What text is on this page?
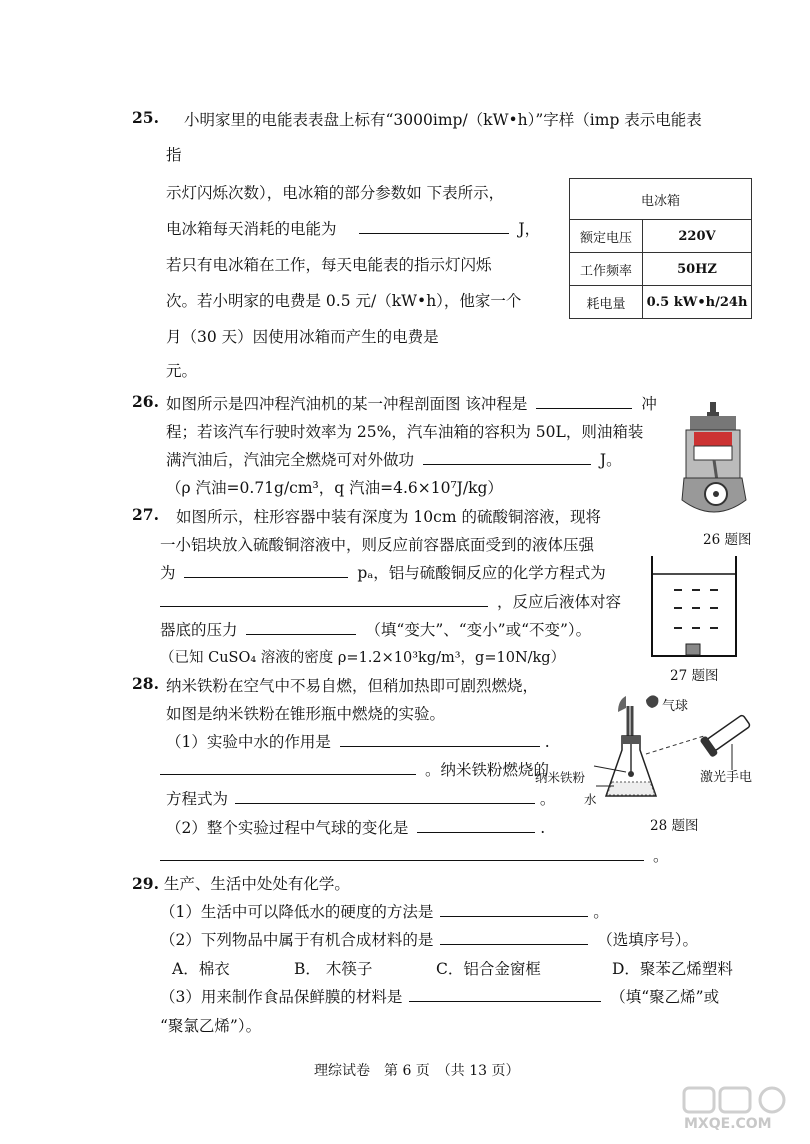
25. 小明家里的电能表表盘上标有“3000imp/（kW•h）”字样（imp 表示电能表
指
示灯闪烁次数），电冰箱的部分参数如 下表所示，
电冰箱每天消耗的电能为	J，
若只有电冰箱在工作，每天电能表的指示灯闪烁
次。若小明家的电费是 0.5 元/（kW•h），他家一个
月（30 天）因使用冰箱而产生的电费是
元。
电冰箱	
额定电压	220V
工作频率	50HZ
耗电量	0.5 kW•h/24h
26. 如图所示是四冲程汽油机的某一冲程剖面图 该冲程是	冲
程；若该汽车行驶时效率为 25%，汽车油箱的容积为 50L，则油箱装
满汽油后，汽油完全燃烧可对外做功	J。
（ρ 汽油=0.71g/cm³，q 汽油=4.6×10⁷J/kg）
26 题图
27. 如图所示，柱形容器中装有深度为 10cm 的硫酸铜溶液，现将
一小铝块放入硫酸铜溶液中，则反应前容器底面受到的液体压强
为	pₐ，铝与硫酸铜反应的化学方程式为
，反应后液体对容
器底的压力	（填“变大”、“变小”或“不变”）。
（已知 CuSO₄ 溶液的密度 ρ=1.2×10³kg/m³，g=10N/kg）
27 题图
28. 纳米铁粉在空气中不易自燃，但稍加热即可剧烈燃烧，
如图是纳米铁粉在锥形瓶中燃烧的实验。
（1）实验中水的作用是	.
。纳米铁粉燃烧的
方程式为	。
（2）整个实验过程中气球的变化是	.
。
气球
纳米铁粉
水
激光手电
28 题图
29. 生产、生活中处处有化学。
（1）生活中可以降低水的硬度的方法是	。
（2）下列物品中属于有机合成材料的是	（选填序号）。
A．棉衣	B． 木筷子	C．铝合金窗框	D．聚苯乙烯塑料
（3）用来制作食品保鲜膜的材料是	（填“聚乙烯”或
“聚氯乙烯”）。
理综试卷　第 6 页　（共 13 页）
MXQE.COM
